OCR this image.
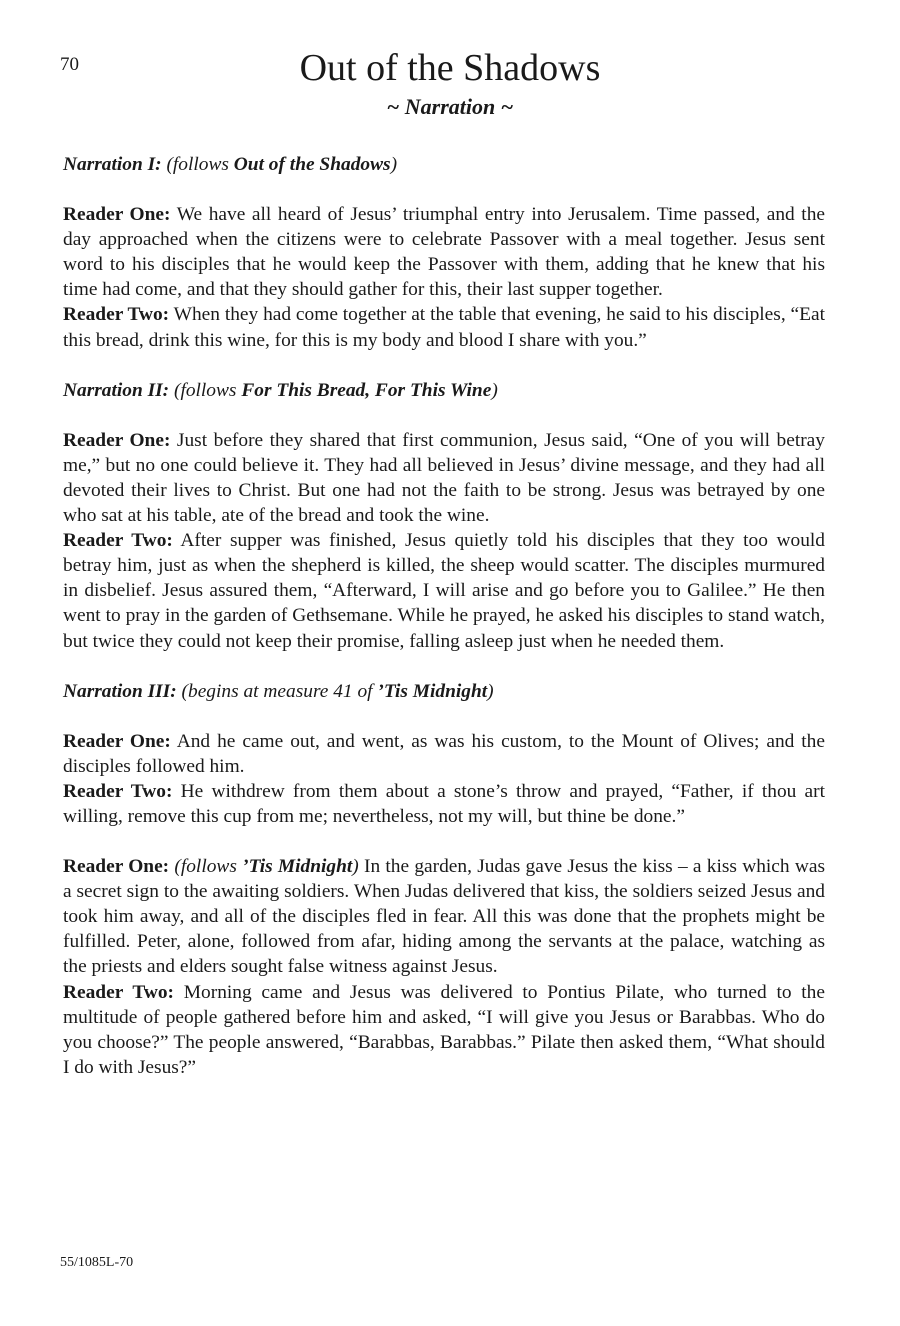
70	Out of the Shadows
~ Narration ~

Narration I: (follows Out of the Shadows)

Reader One: We have all heard of Jesus’ triumphal entry into Jerusalem. Time passed, and the day approached when the citizens were to celebrate Passover with a meal together. Jesus sent word to his disciples that he would keep the Passover with them, adding that he knew that his time had come, and that they should gather for this, their last supper together.

Reader Two: When they had come together at the table that evening, he said to his disciples, “Eat this bread, drink this wine, for this is my body and blood I share with you.”

Narration II: (follows For This Bread, For This Wine)

Reader One: Just before they shared that first communion, Jesus said, “One of you will betray me,” but no one could believe it. They had all believed in Jesus’ divine message, and they had all devoted their lives to Christ. But one had not the faith to be strong. Jesus was betrayed by one who sat at his table, ate of the bread and took the wine.

Reader Two: After supper was finished, Jesus quietly told his disciples that they too would betray him, just as when the shepherd is killed, the sheep would scatter. The disciples murmured in disbelief. Jesus assured them, “Afterward, I will arise and go before you to Galilee.” He then went to pray in the garden of Gethsemane. While he prayed, he asked his disciples to stand watch, but twice they could not keep their promise, falling asleep just when he needed them.

Narration III: (begins at measure 41 of ’Tis Midnight)

Reader One: And he came out, and went, as was his custom, to the Mount of Olives; and the disciples followed him.

Reader Two: He withdrew from them about a stone’s throw and prayed, “Father, if thou art willing, remove this cup from me; nevertheless, not my will, but thine be done.”

Reader One: (follows ’Tis Midnight) In the garden, Judas gave Jesus the kiss – a kiss which was a secret sign to the awaiting soldiers. When Judas delivered that kiss, the soldiers seized Jesus and took him away, and all of the disciples fled in fear. All this was done that the prophets might be fulfilled. Peter, alone, followed from afar, hiding among the servants at the palace, watching as the priests and elders sought false witness against Jesus.

Reader Two: Morning came and Jesus was delivered to Pontius Pilate, who turned to the multitude of people gathered before him and asked, “I will give you Jesus or Barabbas. Who do you choose?” The people answered, “Barabbas, Barabbas.” Pilate then asked them, “What should I do with Jesus?”

55/1085L-70
